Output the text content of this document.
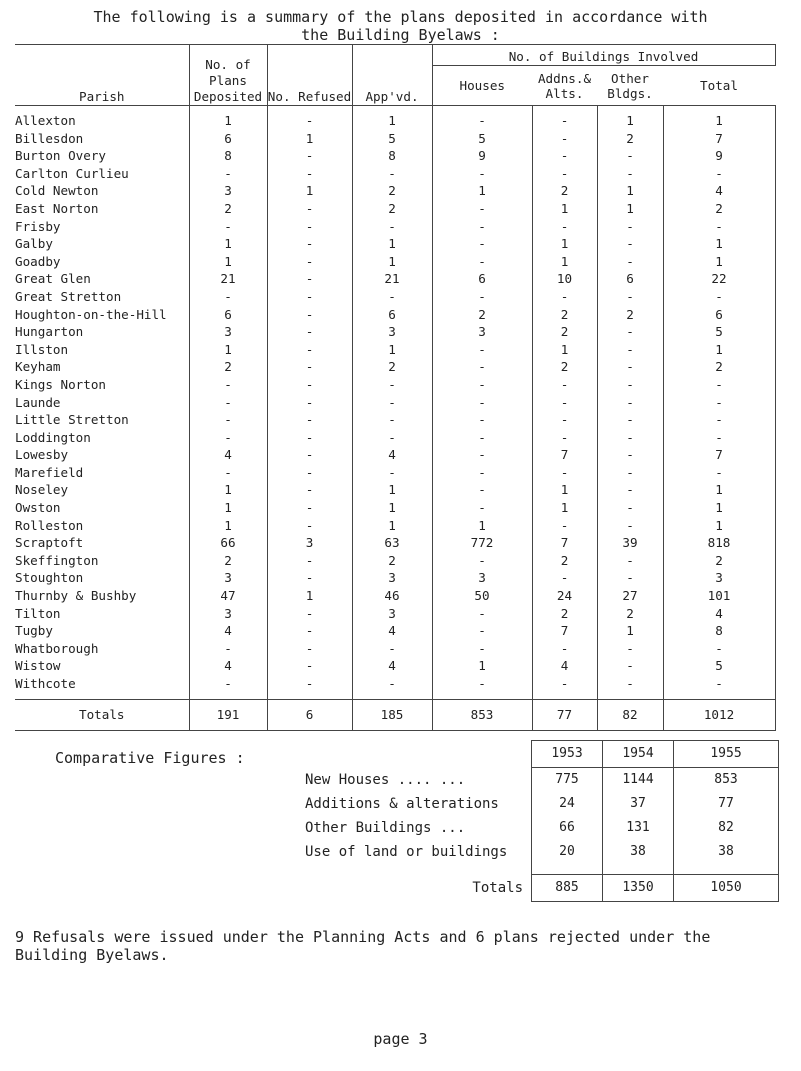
The following is a summary of the plans deposited in accordance with
the Building Byelaws :
Parish	No. of Plans Deposited	No. Refused	App'vd.	No. of Buildings Involved			
				Houses	Addns.& Alts.	Other Bldgs.	Total

Allexton	1	-	1	-	-	1	1
Billesdon	6	1	5	5	-	2	7
Burton Overy	8	-	8	9	-	-	9
Carlton Curlieu	-	-	-	-	-	-	-
Cold Newton	3	1	2	1	2	1	4
East Norton	2	-	2	-	1	1	2
Frisby	-	-	-	-	-	-	-
Galby	1	-	1	-	1	-	1
Goadby	1	-	1	-	1	-	1
Great Glen	21	-	21	6	10	6	22
Great Stretton	-	-	-	-	-	-	-
Houghton-on-the-Hill	6	-	6	2	2	2	6
Hungarton	3	-	3	3	2	-	5
Illston	1	-	1	-	1	-	1
Keyham	2	-	2	-	2	-	2
Kings Norton	-	-	-	-	-	-	-
Launde	-	-	-	-	-	-	-
Little Stretton	-	-	-	-	-	-	-
Loddington	-	-	-	-	-	-	-
Lowesby	4	-	4	-	7	-	7
Marefield	-	-	-	-	-	-	-
Noseley	1	-	1	-	1	-	1
Owston	1	-	1	-	1	-	1
Rolleston	1	-	1	1	-	-	1
Scraptoft	66	3	63	772	7	39	818
Skeffington	2	-	2	-	2	-	2
Stoughton	3	-	3	3	-	-	3
Thurnby & Bushby	47	1	46	50	24	27	101
Tilton	3	-	3	-	2	2	4
Tugby	4	-	4	-	7	1	8
Whatborough	-	-	-	-	-	-	-
Wistow	4	-	4	1	4	-	5
Withcote	-	-	-	-	-	-	-

Totals	191	6	185	853	77	82	1012
Comparative Figures :
		1953	1954	1955
New Houses .... ...	775	1144	853
Additions & alterations	24	37	77
Other Buildings ...	66	131	82
Use of land or buildings	20	38	38

Totals	885	1350	1050
9 Refusals were issued under the Planning Acts and 6 plans rejected under the
Building Byelaws.
page 3
